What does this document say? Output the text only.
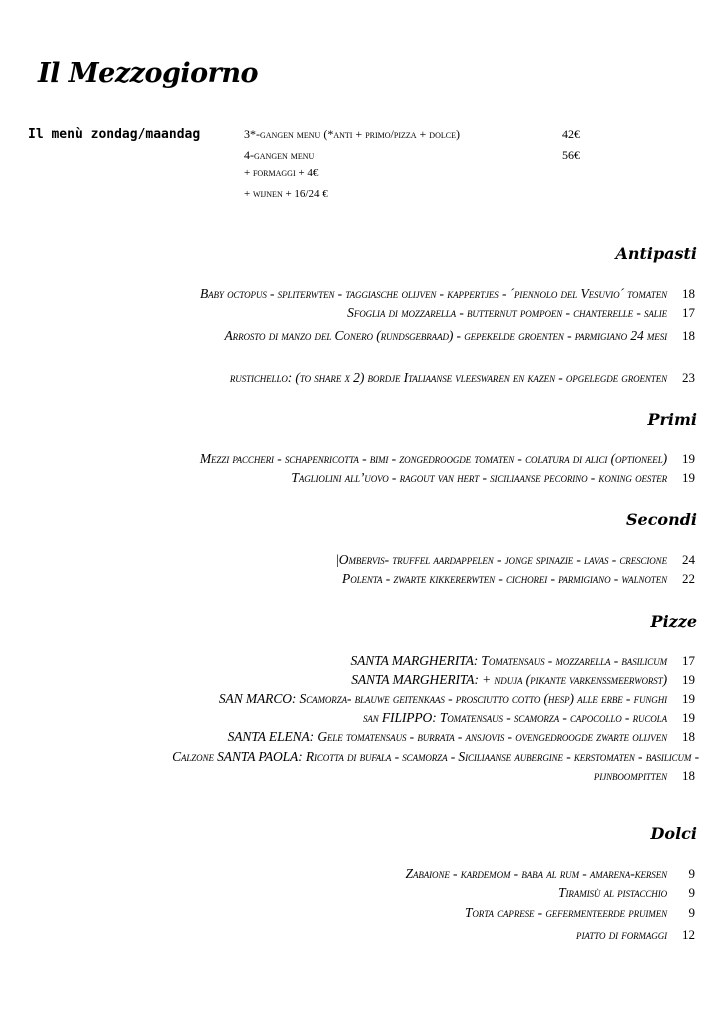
Il Mezzogiorno
Il menù zondag/maandag	3*-gangen menu (*anti + primo/pizza + dolce)	42€
4-gangen menu	56€
+ formaggi + 4€
+ wijnen + 16/24 €
Antipasti
Baby octopus - spliterwten - taggiasche olijven - kappertjes - ´piennolo del Vesuvio´ tomaten 18
Sfoglia di mozzarella - butternut pompoen - chanterelle - salie 17
Arrosto di manzo del Conero (rundsgebraad) - gepekelde groenten - parmigiano 24 mesi 18
rustichello: (to share x 2) bordje Italiaanse vleeswaren en kazen - opgelegde groenten 23
Primi
Mezzi paccheri - schapenricotta - bimi - zongedroogde tomaten - colatura di alici (optioneel) 19
Tagliolini all’uovo - ragout van hert - siciliaanse pecorino - koning oester 19
Secondi
|Ombervis- truffel aardappelen - jonge spinazie - lavas - crescione 24
Polenta - zwarte kikkererwten - cichorei - parmigiano - walnoten 22
Pizze
SANTA MARGHERITA: Tomatensaus - mozzarella - basilicum 17
SANTA MARGHERITA: + nduja (pikante varkenssmeerworst) 19
SAN MARCO: Scamorza- blauwe geitenkaas - prosciutto cotto (hesp) alle erbe - funghi 19
san FILIPPO: Tomatensaus - scamorza - capocollo - rucola 19
SANTA ELENA: Gele tomatensaus - burrata - ansjovis - ovengedroogde zwarte olijven 18
Calzone SANTA PAOLA: Ricotta di bufala - scamorza - Siciliaanse aubergine - kerstomaten - basilicum -
pijnboompitten 18
Dolci
Zabaione - kardemom - baba al rum - amarena-kersen 9
Tiramisù al pistacchio 9
Torta caprese - gefermenteerde pruimen 9
piatto di formaggi 12
